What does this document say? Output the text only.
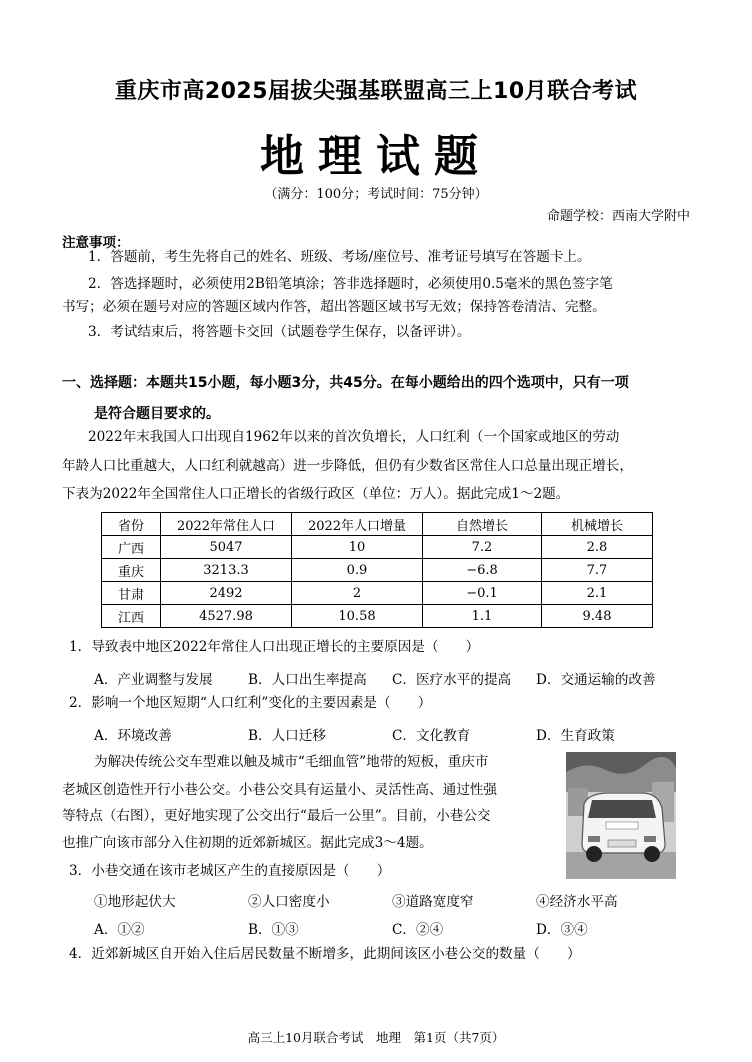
重庆市高2025届拔尖强基联盟高三上10月联合考试
地理试题
（满分：100分；考试时间：75分钟）
命题学校：西南大学附中
注意事项：
1．答题前，考生先将自己的姓名、班级、考场/座位号、准考证号填写在答题卡上。
2．答选择题时，必须使用2B铅笔填涂；答非选择题时，必须使用0.5毫米的黑色签字笔
书写；必须在题号对应的答题区域内作答，超出答题区域书写无效；保持答卷清洁、完整。
3．考试结束后，将答题卡交回（试题卷学生保存，以备评讲）。
一、选择题：本题共15小题，每小题3分，共45分。在每小题给出的四个选项中，只有一项
是符合题目要求的。
2022年末我国人口出现自1962年以来的首次负增长，人口红利（一个国家或地区的劳动
年龄人口比重越大，人口红利就越高）进一步降低，但仍有少数省区常住人口总量出现正增长，
下表为2022年全国常住人口正增长的省级行政区（单位：万人）。据此完成1～2题。
省份	2022年常住人口	2022年人口增量	自然增长	机械增长
广西	5047	10	7.2	2.8
重庆	3213.3	0.9	−6.8	7.7
甘肃	2492	2	−0.1	2.1
江西	4527.98	10.58	1.1	9.48
1．导致表中地区2022年常住人口出现正增长的主要原因是（　　）
A．产业调整与发展	B．人口出生率提高 C．医疗水平的提高 D．交通运输的改善
2．影响一个地区短期“人口红利”变化的主要因素是（　　）
A．环境改善	B．人口迁移	C．文化教育	D．生育政策
为解决传统公交车型难以触及城市“毛细血管”地带的短板，重庆市
老城区创造性开行小巷公交。小巷公交具有运量小、灵活性高、通过性强
等特点（右图），更好地实现了公交出行“最后一公里”。目前，小巷公交
也推广向该市部分入住初期的近郊新城区。据此完成3～4题。
3．小巷交通在该市老城区产生的直接原因是（　　）
①地形起伏大	②人口密度小	③道路宽度窄	④经济水平高
A．①②	B．①③	C．②④	D．③④
4．近郊新城区自开始入住后居民数量不断增多，此期间该区小巷公交的数量（　　）
高三上10月联合考试　地理　第1页（共7页）
